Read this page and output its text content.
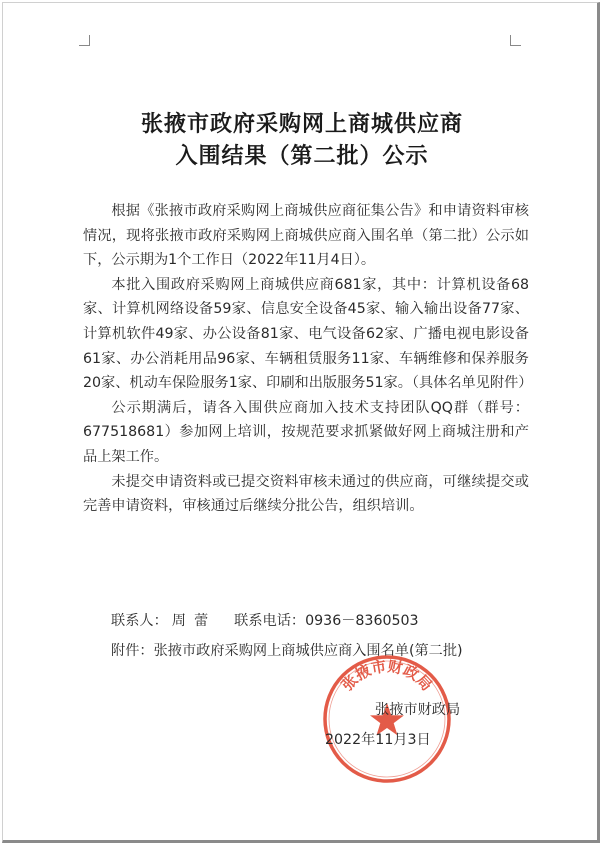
张掖市政府采购网上商城供应商
入围结果（第二批）公示

根据《张掖市政府采购网上商城供应商征集公告》和申请资料审核情况，现将张掖市政府采购网上商城供应商入围名单（第二批）公示如下，公示期为1个工作日（2022年11月4日）。

本批入围政府采购网上商城供应商681家，其中：计算机设备68家、计算机网络设备59家、信息安全设备45家、输入输出设备77家、计算机软件49家、办公设备81家、电气设备62家、广播电视电影设备61家、办公消耗用品96家、车辆租赁服务11家、车辆维修和保养服务20家、机动车保险服务1家、印刷和出版服务51家。（具体名单见附件）

公示期满后，请各入围供应商加入技术支持团队QQ群（群号：677518681）参加网上培训，按规范要求抓紧做好网上商城注册和产品上架工作。

未提交申请资料或已提交资料审核未通过的供应商，可继续提交或完善申请资料，审核通过后继续分批公告，组织培训。

联系人： 周蕾 联系电话：0936－8360503
附件：张掖市政府采购网上商城供应商入围名单(第二批)
张掖市财政局
张掖市财政局
2022年11月3日
